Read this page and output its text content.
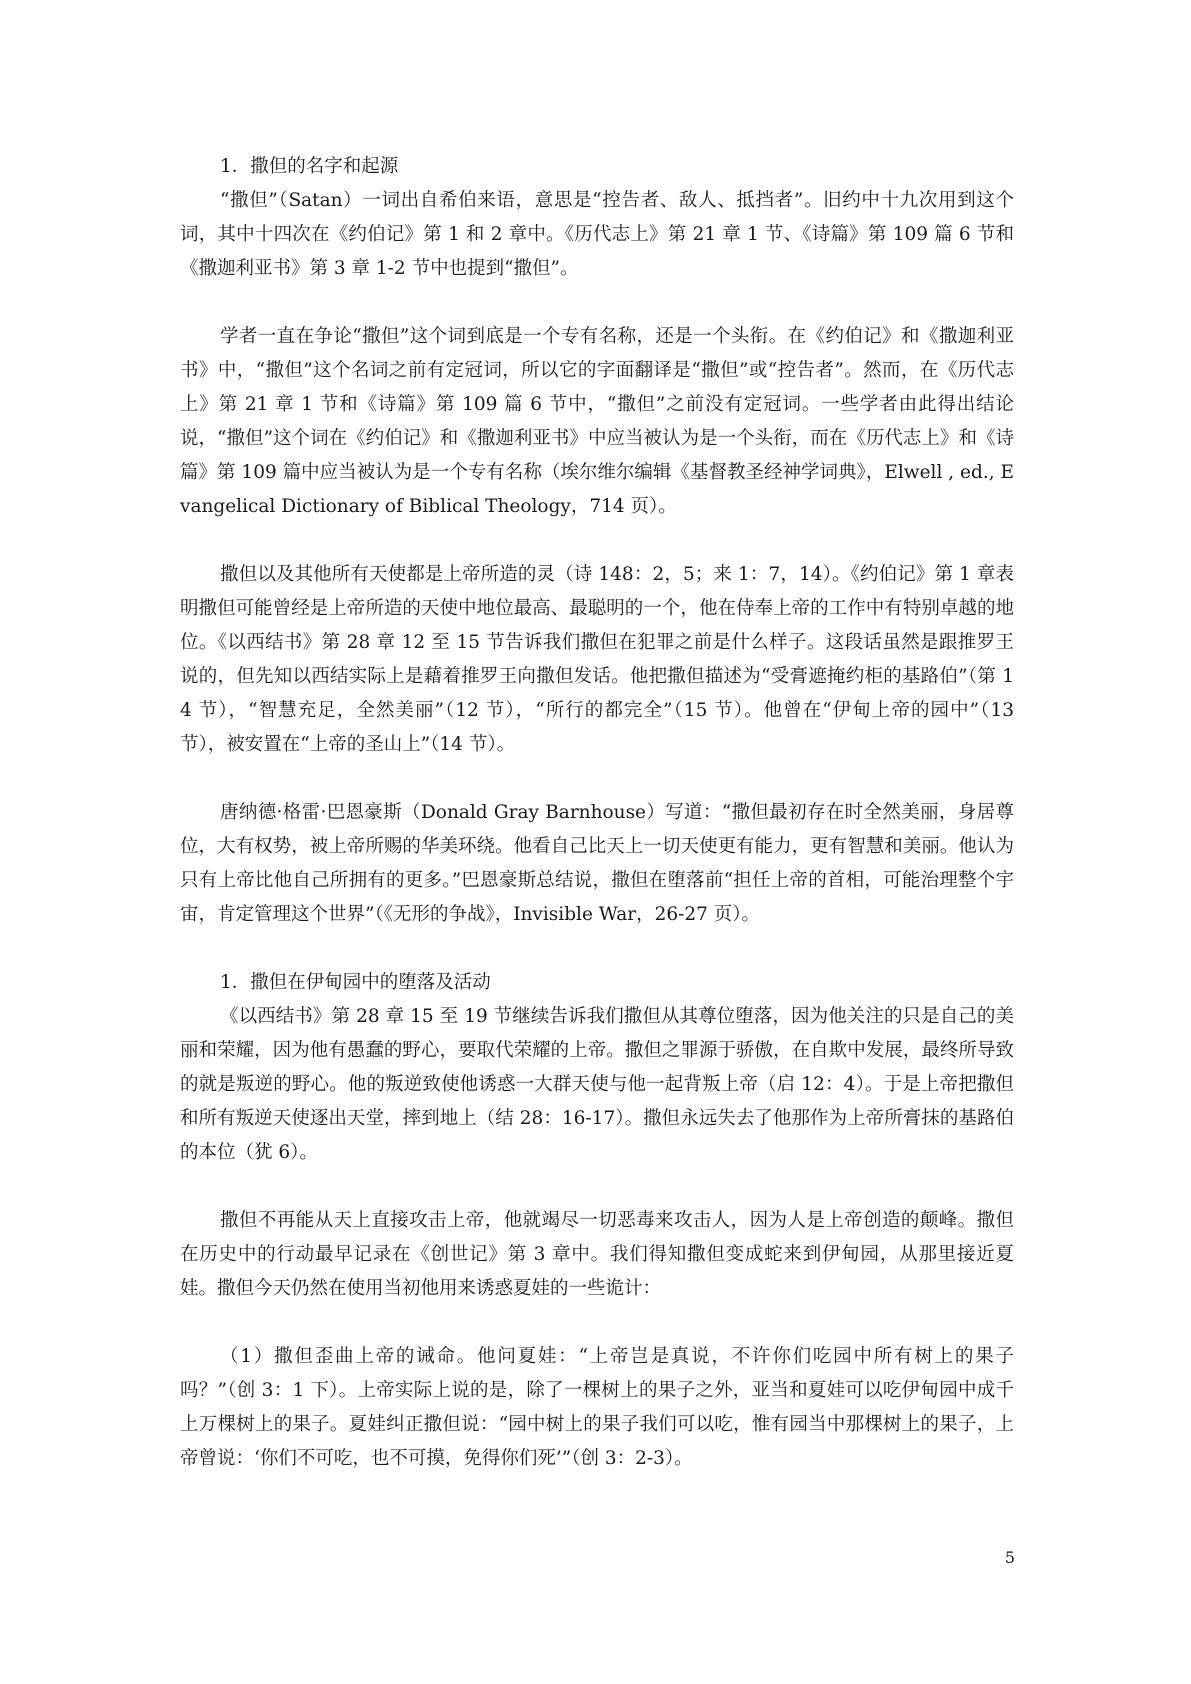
1．撒但的名字和起源

“撒但”（Satan）一词出自希伯来语，意思是“控告者、敌人、抵挡者”。旧约中十九次用到这个词，其中十四次在《约伯记》第 1 和 2 章中。《历代志上》第 21 章 1 节、《诗篇》第 109 篇 6 节和《撒迦利亚书》第 3 章 1-2 节中也提到“撒但”。

学者一直在争论“撒但”这个词到底是一个专有名称，还是一个头衔。在《约伯记》和《撒迦利亚书》中，“撒但”这个名词之前有定冠词，所以它的字面翻译是“撒但”或“控告者”。然而，在《历代志上》第 21 章 1 节和《诗篇》第 109 篇 6 节中，“撒但”之前没有定冠词。一些学者由此得出结论说，“撒但”这个词在《约伯记》和《撒迦利亚书》中应当被认为是一个头衔，而在《历代志上》和《诗篇》第 109 篇中应当被认为是一个专有名称（埃尔维尔编辑《基督教圣经神学词典》，Elwell , ed., Evangelical Dictionary of Biblical Theology，714 页）。

撒但以及其他所有天使都是上帝所造的灵（诗 148：2，5；来 1：7，14）。《约伯记》第 1 章表明撒但可能曾经是上帝所造的天使中地位最高、最聪明的一个，他在侍奉上帝的工作中有特别卓越的地位。《以西结书》第 28 章 12 至 15 节告诉我们撒但在犯罪之前是什么样子。这段话虽然是跟推罗王说的，但先知以西结实际上是藉着推罗王向撒但发话。他把撒但描述为“受膏遮掩约柜的基路伯”（第 14 节），“智慧充足，全然美丽”（12 节），“所行的都完全”（15 节）。他曾在“伊甸上帝的园中”（13 节），被安置在“上帝的圣山上”（14 节）。

唐纳德·格雷·巴恩豪斯（Donald Gray Barnhouse）写道：“撒但最初存在时全然美丽，身居尊位，大有权势，被上帝所赐的华美环绕。他看自己比天上一切天使更有能力，更有智慧和美丽。他认为只有上帝比他自己所拥有的更多。”巴恩豪斯总结说，撒但在堕落前“担任上帝的首相，可能治理整个宇宙，肯定管理这个世界”（《无形的争战》，Invisible War，26-27 页）。

1．撒但在伊甸园中的堕落及活动

《以西结书》第 28 章 15 至 19 节继续告诉我们撒但从其尊位堕落，因为他关注的只是自己的美丽和荣耀，因为他有愚蠢的野心，要取代荣耀的上帝。撒但之罪源于骄傲，在自欺中发展，最终所导致的就是叛逆的野心。他的叛逆致使他诱惑一大群天使与他一起背叛上帝（启 12：4）。于是上帝把撒但和所有叛逆天使逐出天堂，摔到地上（结 28：16-17）。撒但永远失去了他那作为上帝所膏抹的基路伯的本位（犹 6）。

撒但不再能从天上直接攻击上帝，他就竭尽一切恶毒来攻击人，因为人是上帝创造的颠峰。撒但在历史中的行动最早记录在《创世记》第 3 章中。我们得知撒但变成蛇来到伊甸园，从那里接近夏娃。撒但今天仍然在使用当初他用来诱惑夏娃的一些诡计：

（1）撒但歪曲上帝的诫命。他问夏娃：“上帝岂是真说，不许你们吃园中所有树上的果子吗？”（创 3：1 下）。上帝实际上说的是，除了一棵树上的果子之外，亚当和夏娃可以吃伊甸园中成千上万棵树上的果子。夏娃纠正撒但说：“园中树上的果子我们可以吃，惟有园当中那棵树上的果子，上帝曾说：‘你们不可吃，也不可摸，免得你们死’”（创 3：2-3）。

5
